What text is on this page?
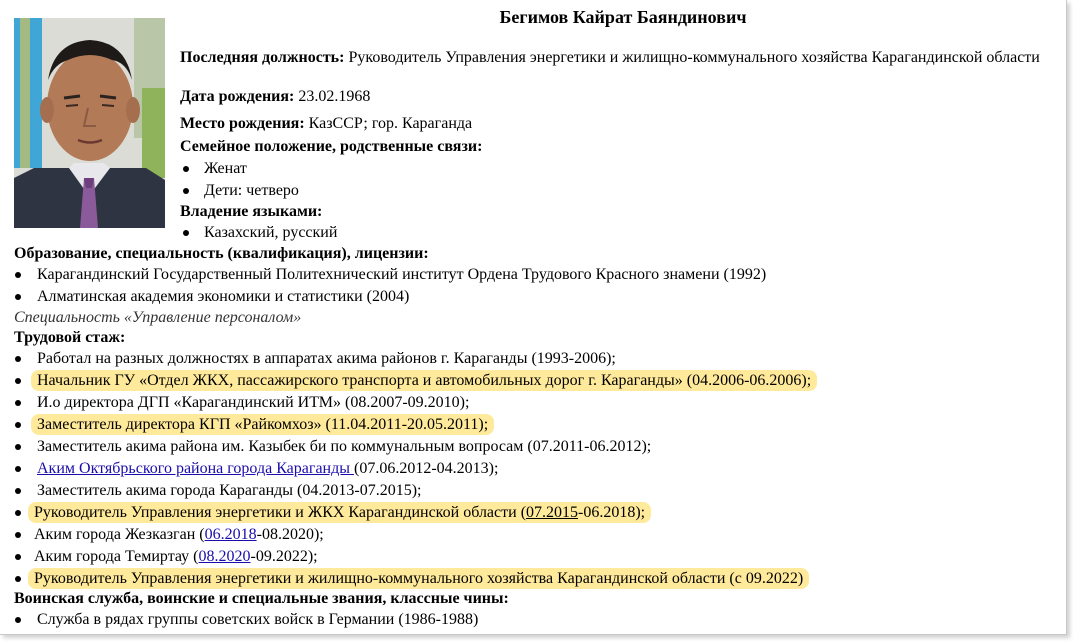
Бегимов Кайрат Баяндинович
Последняя должность: Руководитель Управления энергетики и жилищно-коммунального хозяйства Карагандинской области
Дата рождения: 23.02.1968
Место рождения: КазССР; гор. Караганда
Семейное положение, родственные связи:
Женат
Дети: четверо
Владение языками:
Казахский, русский
Образование, специальность (квалификация), лицензии:
Карагандинский Государственный Политехнический институт Ордена Трудового Красного знамени (1992)
Алматинская академия экономики и статистики (2004)
Специальность «Управление персоналом»
Трудовой стаж:
Работал на разных должностях в аппаратах акима районов г. Караганды (1993-2006);
Начальник ГУ «Отдел ЖКХ, пассажирского транспорта и автомобильных дорог г. Караганды» (04.2006-06.2006);
И.о директора ДГП «Карагандинский ИТМ» (08.2007-09.2010);
Заместитель директора КГП «Райкомхоз» (11.04.2011-20.05.2011);
Заместитель акима района им. Казыбек би по коммунальным вопросам (07.2011-06.2012);
Аким Октябрьского района города Караганды (07.06.2012-04.2013);
Заместитель акима города Караганды (04.2013-07.2015);
Руководитель Управления энергетики и ЖКХ Карагандинской области (07.2015-06.2018);
Аким города Жезказган (06.2018-08.2020);
Аким города Темиртау (08.2020-09.2022);
Руководитель Управления энергетики и жилищно-коммунального хозяйства Карагандинской области (с 09.2022)
Воинская служба, воинские и специальные звания, классные чины:
Служба в рядах группы советских войск в Германии (1986-1988)
